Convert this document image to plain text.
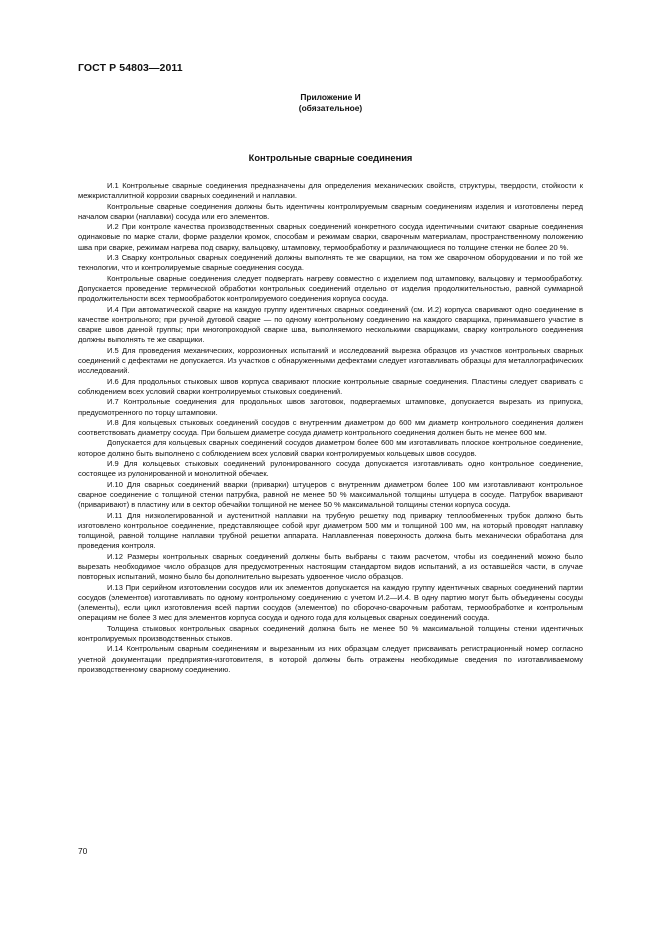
ГОСТ Р 54803—2011
Приложение И
(обязательное)
Контрольные сварные соединения

И.1 Контрольные сварные соединения предназначены для определения механических свойств, структуры, твердости, стойкости к межкристаллитной коррозии сварных соединений и наплавки.

Контрольные сварные соединения должны быть идентичны контролируемым сварным соединениям изделия и изготовлены перед началом сварки (наплавки) сосуда или его элементов.

И.2 При контроле качества производственных сварных соединений конкретного сосуда идентичными считают сварные соединения одинаковые по марке стали, форме разделки кромок, способам и режимам сварки, сварочным материалам, пространственному положению шва при сварке, режимам нагрева под сварку, вальцовку, штамповку, термообработку и различающиеся по толщине стенки не более 20 %.

И.3 Сварку контрольных сварных соединений должны выполнять те же сварщики, на том же сварочном оборудовании и по той же технологии, что и контролируемые сварные соединения сосуда.

Контрольные сварные соединения следует подвергать нагреву совместно с изделием под штамповку, вальцовку и термообработку. Допускается проведение термической обработки контрольных соединений отдельно от изделия продолжительностью, равной суммарной продолжительности всех термообработок контролируемого соединения корпуса сосуда.

И.4 При автоматической сварке на каждую группу идентичных сварных соединений (см. И.2) корпуса сваривают одно соединение в качестве контрольного; при ручной дуговой сварке — по одному контрольному соединению на каждого сварщика, принимавшего участие в сварке швов данной группы; при многопроходной сварке шва, выполняемого несколькими сварщиками, сварку контрольного соединения должны выполнять те же сварщики.

И.5 Для проведения механических, коррозионных испытаний и исследований вырезка образцов из участков контрольных сварных соединений с дефектами не допускается. Из участков с обнаруженными дефектами следует изготавливать образцы для металлографических исследований.

И.6 Для продольных стыковых швов корпуса сваривают плоские контрольные сварные соединения. Пластины следует сваривать с соблюдением всех условий сварки контролируемых стыковых соединений.

И.7 Контрольные соединения для продольных швов заготовок, подвергаемых штамповке, допускается вырезать из припуска, предусмотренного по торцу штамповки.

И.8 Для кольцевых стыковых соединений сосудов с внутренним диаметром до 600 мм диаметр контрольного соединения должен соответствовать диаметру сосуда. При большем диаметре сосуда диаметр контрольного соединения должен быть не менее 600 мм.

Допускается для кольцевых сварных соединений сосудов диаметром более 600 мм изготавливать плоское контрольное соединение, которое должно быть выполнено с соблюдением всех условий сварки контролируемых кольцевых швов сосудов.

И.9 Для кольцевых стыковых соединений рулонированного сосуда допускается изготавливать одно контрольное соединение, состоящее из рулонированной и монолитной обечаек.

И.10 Для сварных соединений вварки (приварки) штуцеров с внутренним диаметром более 100 мм изготавливают контрольное сварное соединение с толщиной стенки патрубка, равной не менее 50 % максимальной толщины штуцера в сосуде. Патрубок вваривают (приваривают) в пластину или в сектор обечайки толщиной не менее 50 % максимальной толщины стенки корпуса сосуда.

И.11 Для низколегированной и аустенитной наплавки на трубную решетку под приварку теплообменных трубок должно быть изготовлено контрольное соединение, представляющее собой круг диаметром 500 мм и толщиной 100 мм, на который проводят наплавку толщиной, равной толщине наплавки трубной решетки аппарата. Наплавленная поверхность должна быть механически обработана для проведения контроля.

И.12 Размеры контрольных сварных соединений должны быть выбраны с таким расчетом, чтобы из соединений можно было вырезать необходимое число образцов для предусмотренных настоящим стандартом видов испытаний, а из оставшейся части, в случае повторных испытаний, можно было бы дополнительно вырезать удвоенное число образцов.

И.13 При серийном изготовлении сосудов или их элементов допускается на каждую группу идентичных сварных соединений партии сосудов (элементов) изготавливать по одному контрольному соединению с учетом И.2—И.4. В одну партию могут быть объединены сосуды (элементы), если цикл изготовления всей партии сосудов (элементов) по сборочно-сварочным работам, термообработке и контрольным операциям не более 3 мес для элементов корпуса сосуда и одного года для кольцевых сварных соединений сосуда.

Толщина стыковых контрольных сварных соединений должна быть не менее 50 % максимальной толщины стенки идентичных контролируемых производственных стыков.

И.14 Контрольным сварным соединениям и вырезанным из них образцам следует присваивать регистрационный номер согласно учетной документации предприятия-изготовителя, в которой должны быть отражены необходимые сведения по изготавливаемому производственному сварному соединению.

70
